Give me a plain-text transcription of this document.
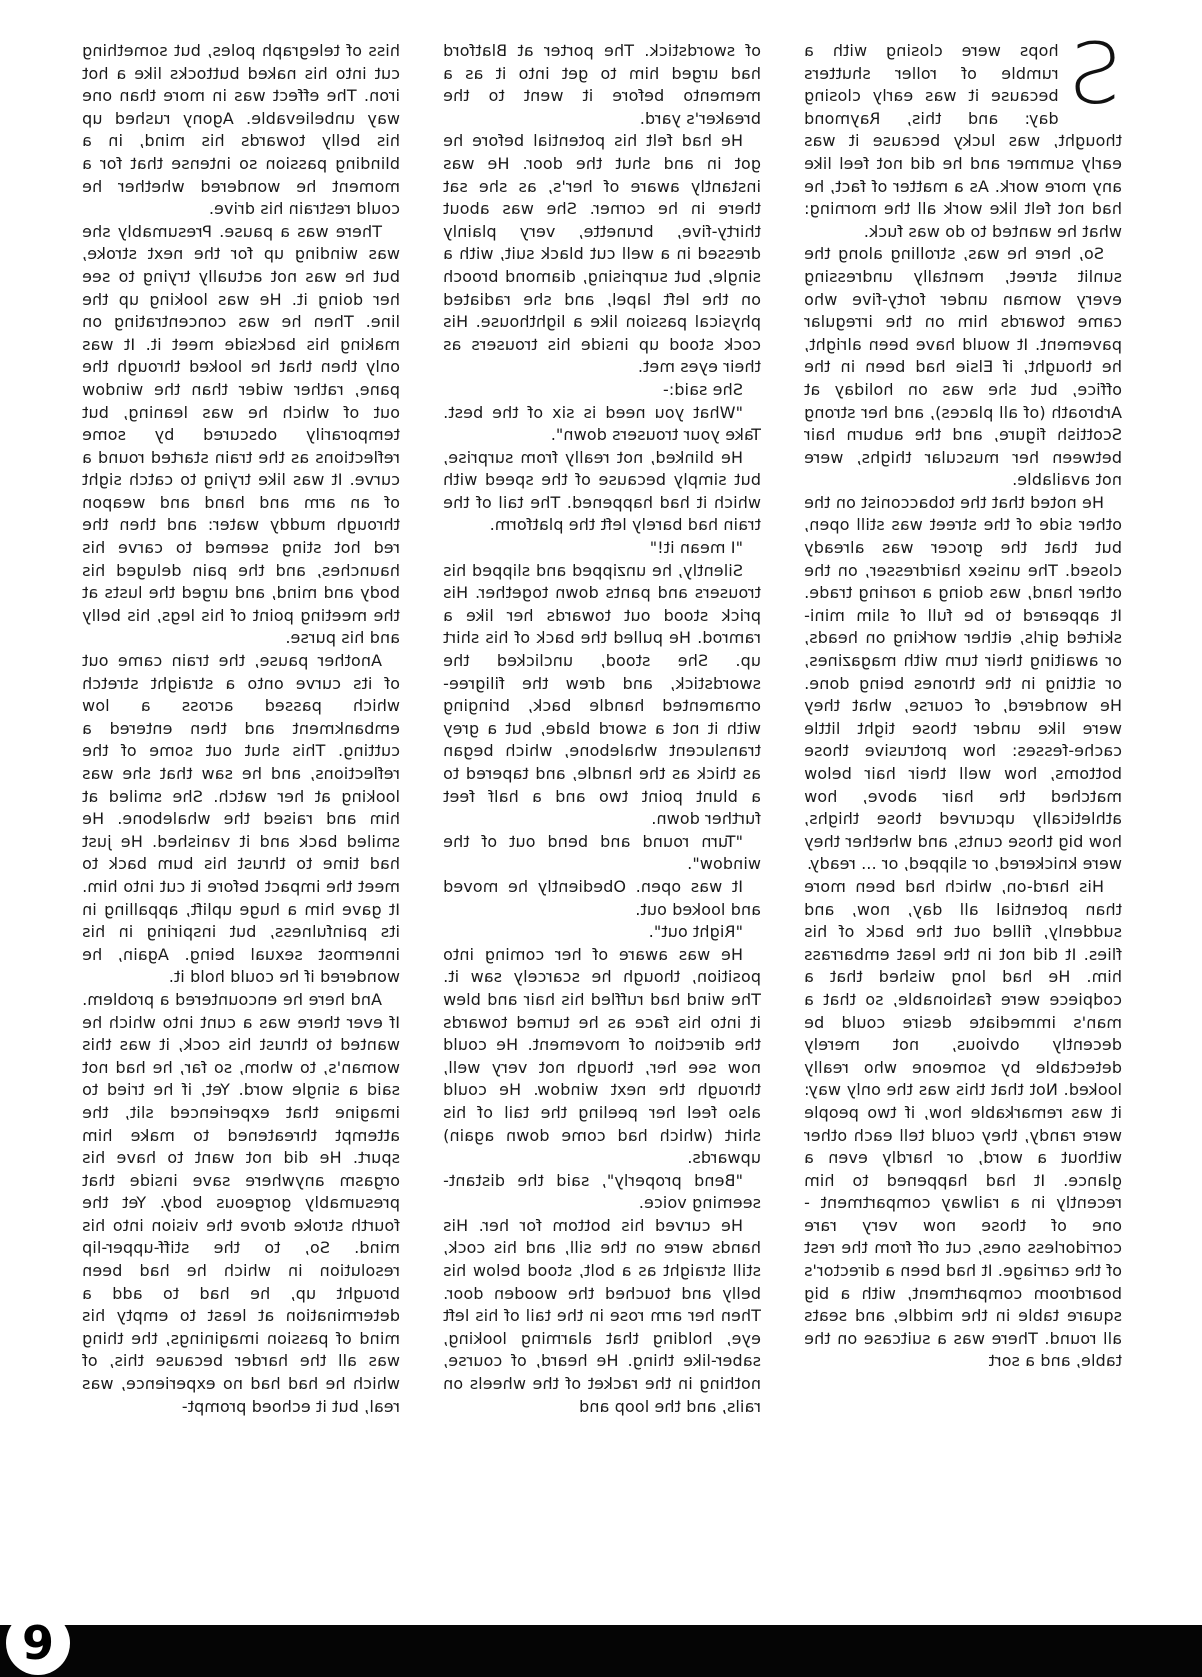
S
hops were closing with a rumble of roller shutters because it was early closing day: and this, Raymond thought, was lucky because it was early summer and he did not feel like any more work. As a matter of fact, he had not felt like work all the morning: what he wanted to do was fuck.

So, here he was, strolling along the sunlit street, mentally undressing every woman under forty-five who came towards him on the irregular pavement. It would have been alright, he thought, if Elsie had been in the office, but she was on holiday at Arbroath (of all places), and her strong Scottish figure, and the auburn hair between her muscular thighs, were not available.

He noted that the tobacconist on the other side of the street was still open, but that the grocer was already closed. The unisex hairdresser, on the other hand, was doing a roaring trade. It appeared to be full of slim mini-skirted girls, either working on heads, or awaiting their turn with magazines, or sitting in the thrones being done. He wondered, of course, what they were like under those tight little cache-fesses: how protrusive those bottoms, how well their hair below matched the hair above, how athletically upcurved those thighs, how big those cunts, and whether they were knickered, or slipped, or ... ready.

His hard-on, which had been more than potential all day, now, and suddenly, filled out the back of his flies. It did not in the least embarrass him. He had long wished that a codpiece were fashionable, so that a man's immediate desire could be decently obvious, not merely detectable by someone who really looked. Not that this was the only way: it was remarkable how, if two people were randy, they could tell each other without a word, or hardly even a glance. It had happened to him recently in a railway compartment - one of those now very rare corridorless ones, cut off from the rest of the carriage. It had been a director's boardroom compartment, with a big square table in the middle, and seats all round. There was a suitcase on the table, and a sort

of swordstick. The porter at Blatford had urged him to get into it as a memento before it went to the breaker's yard.

He had felt his potential before he got in and shut the door. He was instantly aware of her's, as she sat there in he corner. She was about thirty-five, brunette, very plainly dressed in a well cut black suit, with a single, but surprising, diamond brooch on the left lapel, and she radiated physical passion like a lighthouse. His cock stood up inside his trousers as their eyes met.

She said:-

"What you need is six of the best. Take your trousers down".

He blinked, not really from surprise, but simply because of the speed with which it had happened. The tail of the train had barely left the platform.

"I mean it!"

Silently, he unzipped and slipped his trousers and pants down together. His prick stood out towards her like a ramrod. He pulled the back of his shirt up. She stood, unclicked the swordstick, and drew the filigree-ornamented handle back, bringing with it not a sword blade, but a grey translucent whalebone, which began as thick as the handle, and tapered to a blunt point two and a half feet further down.

"Turn round and bend out of the window".

It was open. Obediently he moved and looked out.

"Right out".

He was aware of her coming into position, though he scarcely saw it. The wind had ruffled his hair and blew it into his face as he turned towards the direction of movement. He could now see her, though not very well, through the next window. He could also feel her peeling the tail of his shirt (which had come down again) upwards.

"Bend properly", said the distant-seeming voice.

He curved his bottom for her. His hands were on the sill, and his cock, still straight as a bolt, stood below his belly and touched the wooden door. Then her arm rose in the tail of his left eye, holding that alarming looking, saber-like thing. He heard, of course, nothing in the racket of the wheels on rails, and the loop and

hiss of telegraph poles, but something cut into his naked buttocks like a hot iron. The effect was in more than one way unbelievable. Agony rushed up his belly towards his mind, in a blinding passion so intense that for a moment he wondered whether he could restrain his drive.

There was a pause. Presumably she was winding up for the next stroke, but he was not actually trying to see her doing it. He was looking up the line. Then he was concentrating on making his backside meet it. It was only then that he looked through the pane, rather wider than the window out of which he was leaning, but temporarily obscured by some reflections as the train started round a curve. It was like trying to catch sight of an arm and hand and weapon through muddy water: and then the red hot sting seemed to carve his haunches, and the pain deluged his body and mind, and urged the lusts at the meeting point of his legs, his belly and his purse.

Another pause, the train came out of its curve onto a straight stretch which passed across a low embankment and then entered a cutting. This shut out some of the reflections, and he saw that she was looking at her watch. She smiled at him and raised the whalebone. He smiled back and it vanished. He just had time to thrust his bum back to meet the impact before it cut into him. It gave him a huge uplift, appalling in its painfulness, but inspiring in his innermost sexual being. Again, he wondered if he could hold it.

And here he encountered a problem. If ever there was a cunt into which he wanted to thrust his cock, it was this woman's, to whom, so far, he had not said a single word. Yet, if he tried to imagine that experienced slit, the attempt threatened to make him spurt. He did not want to have his orgasm anywhere save inside that presumably gorgeous body. Yet the fourth stroke drove the vision into his mind. So, to the stiff-upper-lip resolution in which he had been brought up, he had to add a determination at least to empty his mind of passion imaginings, the thing was all the harder because this, of which he had had no experience, was real, but it echoed prompt-

9
